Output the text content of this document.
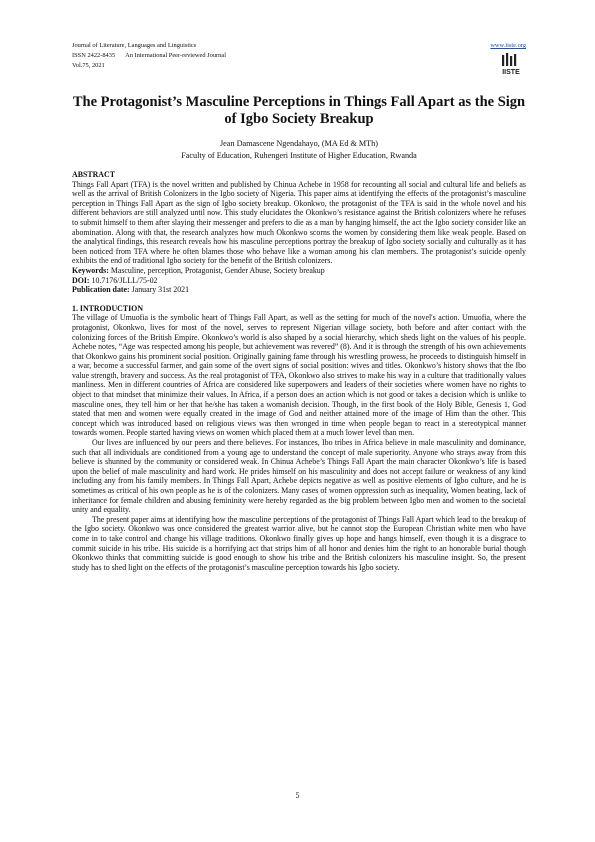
Journal of Literature, Languages and Linguistics
ISSN 2422-8435 An International Peer-reviewed Journal
Vol.75, 2021
www.iiste.org
IISTE
The Protagonist’s Masculine Perceptions in Things Fall Apart as the Sign of Igbo Society Breakup
Jean Damascene Ngendahayo, (MA Ed & MTh)
Faculty of Education, Ruhengeri Institute of Higher Education, Rwanda

ABSTRACT

Things Fall Apart (TFA) is the novel written and published by Chinua Achebe in 1958 for recounting all social and cultural life and beliefs as well as the arrival of British Colonizers in the Igbo society of Nigeria. This paper aims at identifying the effects of the protagonist’s masculine perception in Things Fall Apart as the sign of Igbo society breakup. Okonkwo, the protagonist of the TFA is said in the whole novel and his different behaviors are still analyzed until now. This study elucidates the Okonkwo’s resistance against the British colonizers where he refuses to submit himself to them after slaying their messenger and prefers to die as a man by hanging himself, the act the Igbo society consider like an abomination. Along with that, the research analyzes how much Okonkwo scorns the women by considering them like weak people. Based on the analytical findings, this research reveals how his masculine perceptions portray the breakup of Igbo society socially and culturally as it has been noticed from TFA where he often blames those who behave like a woman among his clan members. The protagonist’s suicide openly exhibits the end of traditional Igbo society for the benefit of the British colonizers.

Keywords: Masculine, perception, Protagonist, Gender Abuse, Society breakup

DOI: 10.7176/JLLL/75-02

Publication date: January 31st 2021

1. INTRODUCTION

The village of Umuofia is the symbolic heart of Things Fall Apart, as well as the setting for much of the novel's action. Umuofia, where the protagonist, Okonkwo, lives for most of the novel, serves to represent Nigerian village society, both before and after contact with the colonizing forces of the British Empire. Okonkwo’s world is also shaped by a social hierarchy, which sheds light on the values of his people. Achebe notes, “Age was respected among his people, but achievement was revered” (8). And it is through the strength of his own achievements that Okonkwo gains his prominent social position. Originally gaining fame through his wrestling prowess, he proceeds to distinguish himself in a war, become a successful farmer, and gain some of the overt signs of social position: wives and titles. Okonkwo’s history shows that the Ibo value strength, bravery and success. As the real protagonist of TFA, Okonkwo also strives to make his way in a culture that traditionally values manliness. Men in different countries of Africa are considered like superpowers and leaders of their societies where women have no rights to object to that mindset that minimize their values. In Africa, if a person does an action which is not good or takes a decision which is unlike to masculine ones, they tell him or her that he/she has taken a womanish decision. Though, in the first book of the Holy Bible, Genesis 1, God stated that men and women were equally created in the image of God and neither attained more of the image of Him than the other. This concept which was introduced based on religious views was then wronged in time when people began to react in a stereotypical manner towards women. People started having views on women which placed them at a much lower level than men.

Our lives are influenced by our peers and there believes. For instances, Ibo tribes in Africa believe in male masculinity and dominance, such that all individuals are conditioned from a young age to understand the concept of male superiority. Anyone who strays away from this believe is shunned by the community or considered weak. In Chinua Achebe’s Things Fall Apart the main character Okonkwo’s life is based upon the belief of male masculinity and hard work. He prides himself on his masculinity and does not accept failure or weakness of any kind including any from his family members. In Things Fall Apart, Achebe depicts negative as well as positive elements of Igbo culture, and he is sometimes as critical of his own people as he is of the colonizers. Many cases of women oppression such as inequality, Women beating, lack of inheritance for female children and abusing femininity were hereby regarded as the big problem between Igbo men and women to the societal unity and equality.

The present paper aims at identifying how the masculine perceptions of the protagonist of Things Fall Apart which lead to the breakup of the Igbo society. Okonkwo was once considered the greatest warrior alive, but he cannot stop the European Christian white men who have come in to take control and change his village traditions. Okonkwo finally gives up hope and hangs himself, even though it is a disgrace to commit suicide in his tribe. His suicide is a horrifying act that strips him of all honor and denies him the right to an honorable burial though Okonkwo thinks that committing suicide is good enough to show his tribe and the British colonizers his masculine insight. So, the present study has to shed light on the effects of the protagonist’s masculine perception towards his Igbo society.

5
